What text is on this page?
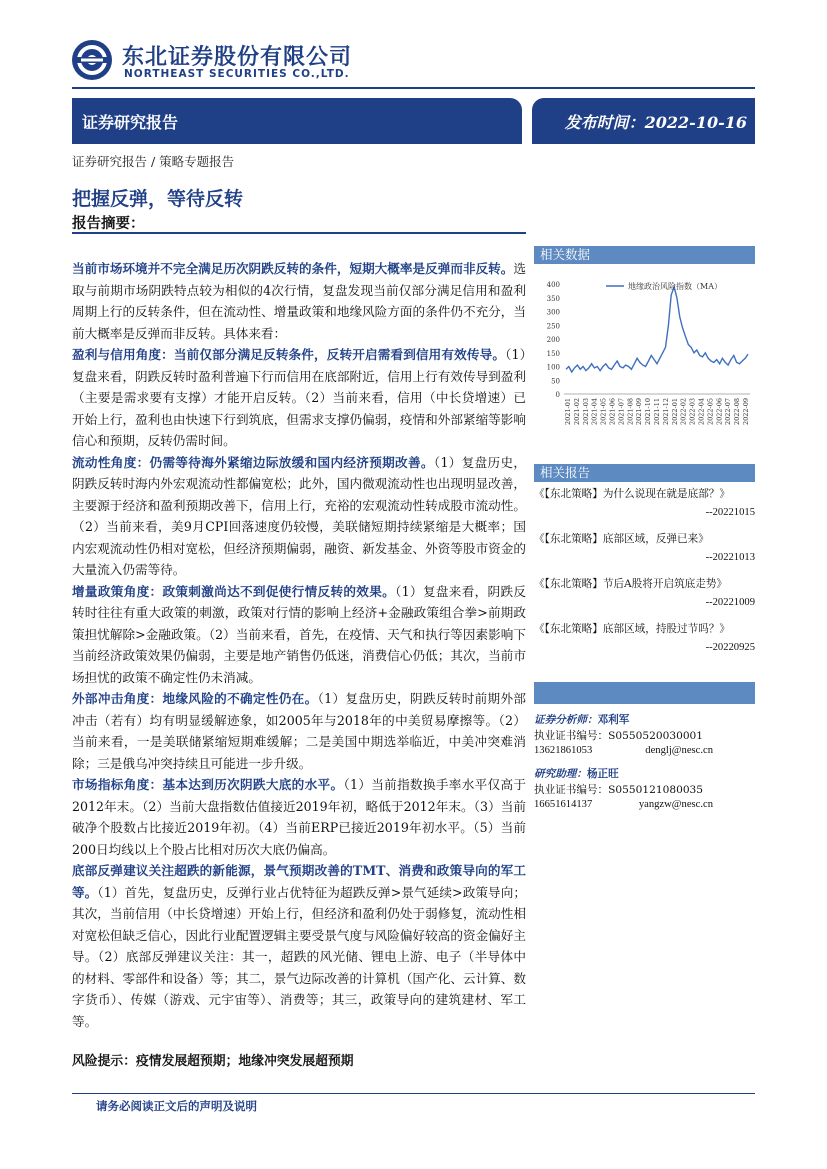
东北证券股份有限公司
NORTHEAST SECURITIES CO.,LTD.
证券研究报告	发布时间：2022-10-16
证券研究报告 / 策略专题报告
把握反弹，等待反转
报告摘要：

当前市场环境并不完全满足历次阴跌反转的条件，短期大概率是反弹而非反转。选取与前期市场阴跌特点较为相似的4次行情，复盘发现当前仅部分满足信用和盈利周期上行的反转条件，但在流动性、增量政策和地缘风险方面的条件仍不充分，当前大概率是反弹而非反转。具体来看：

盈利与信用角度：当前仅部分满足反转条件，反转开启需看到信用有效传导。（1）复盘来看，阴跌反转时盈利普遍下行而信用在底部附近，信用上行有效传导到盈利（主要是需求要有支撑）才能开启反转。（2）当前来看，信用（中长贷增速）已开始上行，盈利也由快速下行到筑底，但需求支撑仍偏弱，疫情和外部紧缩等影响信心和预期，反转仍需时间。

流动性角度：仍需等待海外紧缩边际放缓和国内经济预期改善。（1）复盘历史，阴跌反转时海内外宏观流动性都偏宽松；此外，国内微观流动性也出现明显改善，主要源于经济和盈利预期改善下，信用上行，充裕的宏观流动性转成股市流动性。（2）当前来看，美9月CPI回落速度仍较慢，美联储短期持续紧缩是大概率；国内宏观流动性仍相对宽松，但经济预期偏弱，融资、新发基金、外资等股市资金的大量流入仍需等待。

增量政策角度：政策刺激尚达不到促使行情反转的效果。（1）复盘来看，阴跌反转时往往有重大政策的刺激，政策对行情的影响上经济+金融政策组合拳>前期政策担忧解除>金融政策。（2）当前来看，首先，在疫情、天气和执行等因素影响下当前经济政策效果仍偏弱，主要是地产销售仍低迷，消费信心仍低；其次，当前市场担忧的政策不确定性仍未消减。

外部冲击角度：地缘风险的不确定性仍在。（1）复盘历史，阴跌反转时前期外部冲击（若有）均有明显缓解迹象，如2005年与2018年的中美贸易摩擦等。（2）当前来看，一是美联储紧缩短期难缓解；二是美国中期选举临近，中美冲突难消除；三是俄乌冲突持续且可能进一步升级。

市场指标角度：基本达到历次阴跌大底的水平。（1）当前指数换手率水平仅高于2012年末。（2）当前大盘指数估值接近2019年初，略低于2012年末。（3）当前破净个股数占比接近2019年初。（4）当前ERP已接近2019年初水平。（5）当前200日均线以上个股占比相对历次大底仍偏高。

底部反弹建议关注超跌的新能源，景气预期改善的TMT、消费和政策导向的军工等。（1）首先，复盘历史，反弹行业占优特征为超跌反弹>景气延续>政策导向；其次，当前信用（中长贷增速）开始上行，但经济和盈利仍处于弱修复，流动性相对宽松但缺乏信心，因此行业配置逻辑主要受景气度与风险偏好较高的资金偏好主导。（2）底部反弹建议关注：其一，超跌的风光储、锂电上游、电子（半导体中的材料、零部件和设备）等；其二，景气边际改善的计算机（国产化、云计算、数字货币）、传媒（游戏、元宇宙等）、消费等；其三，政策导向的建筑建材、军工等。

风险提示：疫情发展超预期；地缘冲突发展超预期
相关数据
0
50
100
150
200
250
300
350
400
2021-01 2021-02 2021-03 2021-04 2021-05 2021-06 2021-07 2021-08 2021-09 2021-10 2021-11 2021-12 2022-01 2022-02 2022-03 2022-04 2022-05 2022-06 2022-07 2022-08 2022-09
地缘政治风险指数（MA）
相关报告
《【东北策略】为什么说现在就是底部？》
--20221015
《【东北策略】底部区域，反弹已来》
--20221013
《【东北策略】节后A股将开启筑底走势》
--20221009
《【东北策略】底部区域，持股过节吗？》
--20220925
证券分析师：邓利军
执业证书编号：S0550520030001
13621861053	denglj@nesc.cn
研究助理：杨正旺
执业证书编号：S0550121080035
16651614137	yangzw@nesc.cn
请务必阅读正文后的声明及说明
